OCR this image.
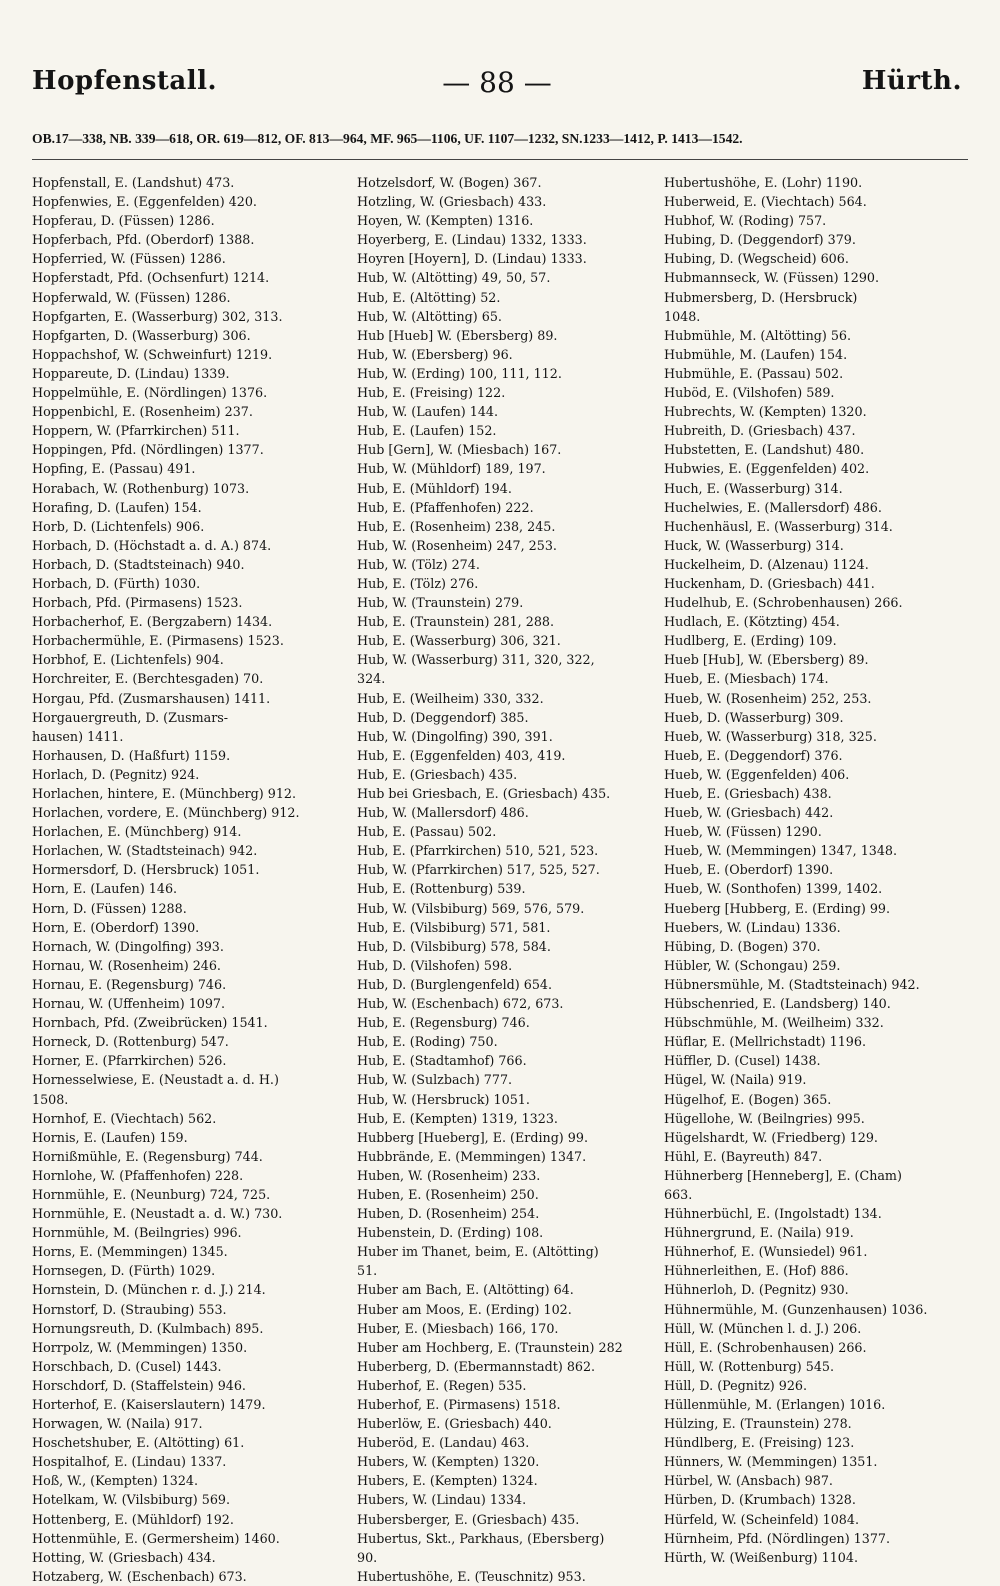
Hopfenstall.	— 88 —	Hürth.
OB.17—338, NB. 339—618, OR. 619—812, OF. 813—964, MF. 965—1106, UF. 1107—1232, SN.1233—1412, P. 1413—1542.
Hopfenstall, E. (Landshut) 473.
Hopfenwies, E. (Eggenfelden) 420.
Hopferau, D. (Füssen) 1286.
Hopferbach, Pfd. (Oberdorf) 1388.
Hopferried, W. (Füssen) 1286.
Hopferstadt, Pfd. (Ochsenfurt) 1214.
Hopferwald, W. (Füssen) 1286.
Hopfgarten, E. (Wasserburg) 302, 313.
Hopfgarten, D. (Wasserburg) 306.
Hoppachshof, W. (Schweinfurt) 1219.
Hoppareute, D. (Lindau) 1339.
Hoppelmühle, E. (Nördlingen) 1376.
Hoppenbichl, E. (Rosenheim) 237.
Hoppern, W. (Pfarrkirchen) 511.
Hoppingen, Pfd. (Nördlingen) 1377.
Hopfing, E. (Passau) 491.
Horabach, W. (Rothenburg) 1073.
Horafing, D. (Laufen) 154.
Horb, D. (Lichtenfels) 906.
Horbach, D. (Höchstadt a. d. A.) 874.
Horbach, D. (Stadtsteinach) 940.
Horbach, D. (Fürth) 1030.
Horbach, Pfd. (Pirmasens) 1523.
Horbacherhof, E. (Bergzabern) 1434.
Horbachermühle, E. (Pirmasens) 1523.
Horbhof, E. (Lichtenfels) 904.
Horchreiter, E. (Berchtesgaden) 70.
Horgau, Pfd. (Zusmarshausen) 1411.
Horgauergreuth, D. (Zusmars-
hausen) 1411.
Horhausen, D. (Haßfurt) 1159.
Horlach, D. (Pegnitz) 924.
Horlachen, hintere, E. (Münchberg) 912.
Horlachen, vordere, E. (Münchberg) 912.
Horlachen, E. (Münchberg) 914.
Horlachen, W. (Stadtsteinach) 942.
Hormersdorf, D. (Hersbruck) 1051.
Horn, E. (Laufen) 146.
Horn, D. (Füssen) 1288.
Horn, E. (Oberdorf) 1390.
Hornach, W. (Dingolfing) 393.
Hornau, W. (Rosenheim) 246.
Hornau, E. (Regensburg) 746.
Hornau, W. (Uffenheim) 1097.
Hornbach, Pfd. (Zweibrücken) 1541.
Horneck, D. (Rottenburg) 547.
Horner, E. (Pfarrkirchen) 526.
Hornesselwiese, E. (Neustadt a. d. H.)
1508.
Hornhof, E. (Viechtach) 562.
Hornis, E. (Laufen) 159.
Hornißmühle, E. (Regensburg) 744.
Hornlohe, W. (Pfaffenhofen) 228.
Hornmühle, E. (Neunburg) 724, 725.
Hornmühle, E. (Neustadt a. d. W.) 730.
Hornmühle, M. (Beilngries) 996.
Horns, E. (Memmingen) 1345.
Hornsegen, D. (Fürth) 1029.
Hornstein, D. (München r. d. J.) 214.
Hornstorf, D. (Straubing) 553.
Hornungsreuth, D. (Kulmbach) 895.
Horrpolz, W. (Memmingen) 1350.
Horschbach, D. (Cusel) 1443.
Horschdorf, D. (Staffelstein) 946.
Horterhof, E. (Kaiserslautern) 1479.
Horwagen, W. (Naila) 917.
Hoschetshuber, E. (Altötting) 61.
Hospitalhof, E. (Lindau) 1337.
Hoß, W., (Kempten) 1324.
Hotelkam, W. (Vilsbiburg) 569.
Hottenberg, E. (Mühldorf) 192.
Hottenmühle, E. (Germersheim) 1460.
Hotting, W. (Griesbach) 434.
Hotzaberg, W. (Eschenbach) 673.
Hotzelsdorf, W. (Bogen) 367.
Hotzling, W. (Griesbach) 433.
Hoyen, W. (Kempten) 1316.
Hoyerberg, E. (Lindau) 1332, 1333.
Hoyren [Hoyern], D. (Lindau) 1333.
Hub, W. (Altötting) 49, 50, 57.
Hub, E. (Altötting) 52.
Hub, W. (Altötting) 65.
Hub [Hueb] W. (Ebersberg) 89.
Hub, W. (Ebersberg) 96.
Hub, W. (Erding) 100, 111, 112.
Hub, E. (Freising) 122.
Hub, W. (Laufen) 144.
Hub, E. (Laufen) 152.
Hub [Gern], W. (Miesbach) 167.
Hub, W. (Mühldorf) 189, 197.
Hub, E. (Mühldorf) 194.
Hub, E. (Pfaffenhofen) 222.
Hub, E. (Rosenheim) 238, 245.
Hub, W. (Rosenheim) 247, 253.
Hub, W. (Tölz) 274.
Hub, E. (Tölz) 276.
Hub, W. (Traunstein) 279.
Hub, E. (Traunstein) 281, 288.
Hub, E. (Wasserburg) 306, 321.
Hub, W. (Wasserburg) 311, 320, 322,
324.
Hub, E. (Weilheim) 330, 332.
Hub, D. (Deggendorf) 385.
Hub, W. (Dingolfing) 390, 391.
Hub, E. (Eggenfelden) 403, 419.
Hub, E. (Griesbach) 435.
Hub bei Griesbach, E. (Griesbach) 435.
Hub, W. (Mallersdorf) 486.
Hub, E. (Passau) 502.
Hub, E. (Pfarrkirchen) 510, 521, 523.
Hub, W. (Pfarrkirchen) 517, 525, 527.
Hub, E. (Rottenburg) 539.
Hub, W. (Vilsbiburg) 569, 576, 579.
Hub, E. (Vilsbiburg) 571, 581.
Hub, D. (Vilsbiburg) 578, 584.
Hub, D. (Vilshofen) 598.
Hub, D. (Burglengenfeld) 654.
Hub, W. (Eschenbach) 672, 673.
Hub, E. (Regensburg) 746.
Hub, E. (Roding) 750.
Hub, E. (Stadtamhof) 766.
Hub, W. (Sulzbach) 777.
Hub, W. (Hersbruck) 1051.
Hub, E. (Kempten) 1319, 1323.
Hubberg [Hueberg], E. (Erding) 99.
Hubbrände, E. (Memmingen) 1347.
Huben, W. (Rosenheim) 233.
Huben, E. (Rosenheim) 250.
Huben, D. (Rosenheim) 254.
Hubenstein, D. (Erding) 108.
Huber im Thanet, beim, E. (Altötting)
51.
Huber am Bach, E. (Altötting) 64.
Huber am Moos, E. (Erding) 102.
Huber, E. (Miesbach) 166, 170.
Huber am Hochberg, E. (Traunstein) 282
Huberberg, D. (Ebermannstadt) 862.
Huberhof, E. (Regen) 535.
Huberhof, E. (Pirmasens) 1518.
Huberlöw, E. (Griesbach) 440.
Huberöd, E. (Landau) 463.
Hubers, W. (Kempten) 1320.
Hubers, E. (Kempten) 1324.
Hubers, W. (Lindau) 1334.
Hubersberger, E. (Griesbach) 435.
Hubertus, Skt., Parkhaus, (Ebersberg)
90.
Hubertushöhe, E. (Teuschnitz) 953.
Hubertushöhe, E. (Lohr) 1190.
Huberweid, E. (Viechtach) 564.
Hubhof, W. (Roding) 757.
Hubing, D. (Deggendorf) 379.
Hubing, D. (Wegscheid) 606.
Hubmannseck, W. (Füssen) 1290.
Hubmersberg, D. (Hersbruck)
1048.
Hubmühle, M. (Altötting) 56.
Hubmühle, M. (Laufen) 154.
Hubmühle, E. (Passau) 502.
Huböd, E. (Vilshofen) 589.
Hubrechts, W. (Kempten) 1320.
Hubreith, D. (Griesbach) 437.
Hubstetten, E. (Landshut) 480.
Hubwies, E. (Eggenfelden) 402.
Huch, E. (Wasserburg) 314.
Huchelwies, E. (Mallersdorf) 486.
Huchenhäusl, E. (Wasserburg) 314.
Huck, W. (Wasserburg) 314.
Huckelheim, D. (Alzenau) 1124.
Huckenham, D. (Griesbach) 441.
Hudelhub, E. (Schrobenhausen) 266.
Hudlach, E. (Kötzting) 454.
Hudlberg, E. (Erding) 109.
Hueb [Hub], W. (Ebersberg) 89.
Hueb, E. (Miesbach) 174.
Hueb, W. (Rosenheim) 252, 253.
Hueb, D. (Wasserburg) 309.
Hueb, W. (Wasserburg) 318, 325.
Hueb, E. (Deggendorf) 376.
Hueb, W. (Eggenfelden) 406.
Hueb, E. (Griesbach) 438.
Hueb, W. (Griesbach) 442.
Hueb, W. (Füssen) 1290.
Hueb, W. (Memmingen) 1347, 1348.
Hueb, E. (Oberdorf) 1390.
Hueb, W. (Sonthofen) 1399, 1402.
Hueberg [Hubberg, E. (Erding) 99.
Huebers, W. (Lindau) 1336.
Hübing, D. (Bogen) 370.
Hübler, W. (Schongau) 259.
Hübnersmühle, M. (Stadtsteinach) 942.
Hübschenried, E. (Landsberg) 140.
Hübschmühle, M. (Weilheim) 332.
Hüflar, E. (Mellrichstadt) 1196.
Hüffler, D. (Cusel) 1438.
Hügel, W. (Naila) 919.
Hügelhof, E. (Bogen) 365.
Hügellohe, W. (Beilngries) 995.
Hügelshardt, W. (Friedberg) 129.
Hühl, E. (Bayreuth) 847.
Hühnerberg [Henneberg], E. (Cham)
663.
Hühnerbüchl, E. (Ingolstadt) 134.
Hühnergrund, E. (Naila) 919.
Hühnerhof, E. (Wunsiedel) 961.
Hühnerleithen, E. (Hof) 886.
Hühnerloh, D. (Pegnitz) 930.
Hühnermühle, M. (Gunzenhausen) 1036.
Hüll, W. (München l. d. J.) 206.
Hüll, E. (Schrobenhausen) 266.
Hüll, W. (Rottenburg) 545.
Hüll, D. (Pegnitz) 926.
Hüllenmühle, M. (Erlangen) 1016.
Hülzing, E. (Traunstein) 278.
Hündlberg, E. (Freising) 123.
Hünners, W. (Memmingen) 1351.
Hürbel, W. (Ansbach) 987.
Hürben, D. (Krumbach) 1328.
Hürfeld, W. (Scheinfeld) 1084.
Hürnheim, Pfd. (Nördlingen) 1377.
Hürth, W. (Weißenburg) 1104.
